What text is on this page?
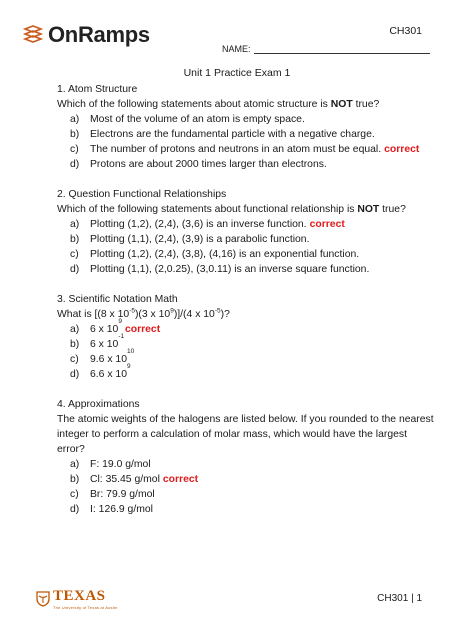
OnRamps	CH301
NAME:
Unit 1 Practice Exam 1

1. Atom Structure

Which of the following statements about atomic structure is NOT true?

a)	Most of the volume of an atom is empty space.
b)	Electrons are the fundamental particle with a negative charge.
c)	The number of protons and neutrons in an atom must be equal. correct
d)	Protons are about 2000 times larger than electrons.

2. Question Functional Relationships

Which of the following statements about functional relationship is NOT true?

a)	Plotting (1,2), (2,4), (3,6) is an inverse function. correct
b)	Plotting (1,1), (2,4), (3,9) is a parabolic function.
c)	Plotting (1,2), (2,4), (3,8), (4,16) is an exponential function.
d)	Plotting (1,1), (2,0.25), (3,0.11) is an inverse square function.

3. Scientific Notation Math

What is [(8 x $10^{-5})(3$ x $10^9)]/(4$ x $10^{-5}$)?

a)	6 x 10
9
correct
b)	6 x 10
-1
c)	9.6 x 10
10
d)	6.6 x 10
9

4. Approximations

The atomic weights of the halogens are listed below. If you rounded to the nearest
integer to perform a calculation of molar mass, which would have the largest error?

a)	F: 19.0 g/mol
b)	Cl: 35.45 g/mol correct
c)	Br: 79.9 g/mol
d)	I: 126.9 g/mol
TEXAS
The University of Texas at Austin
CH301 | 1
